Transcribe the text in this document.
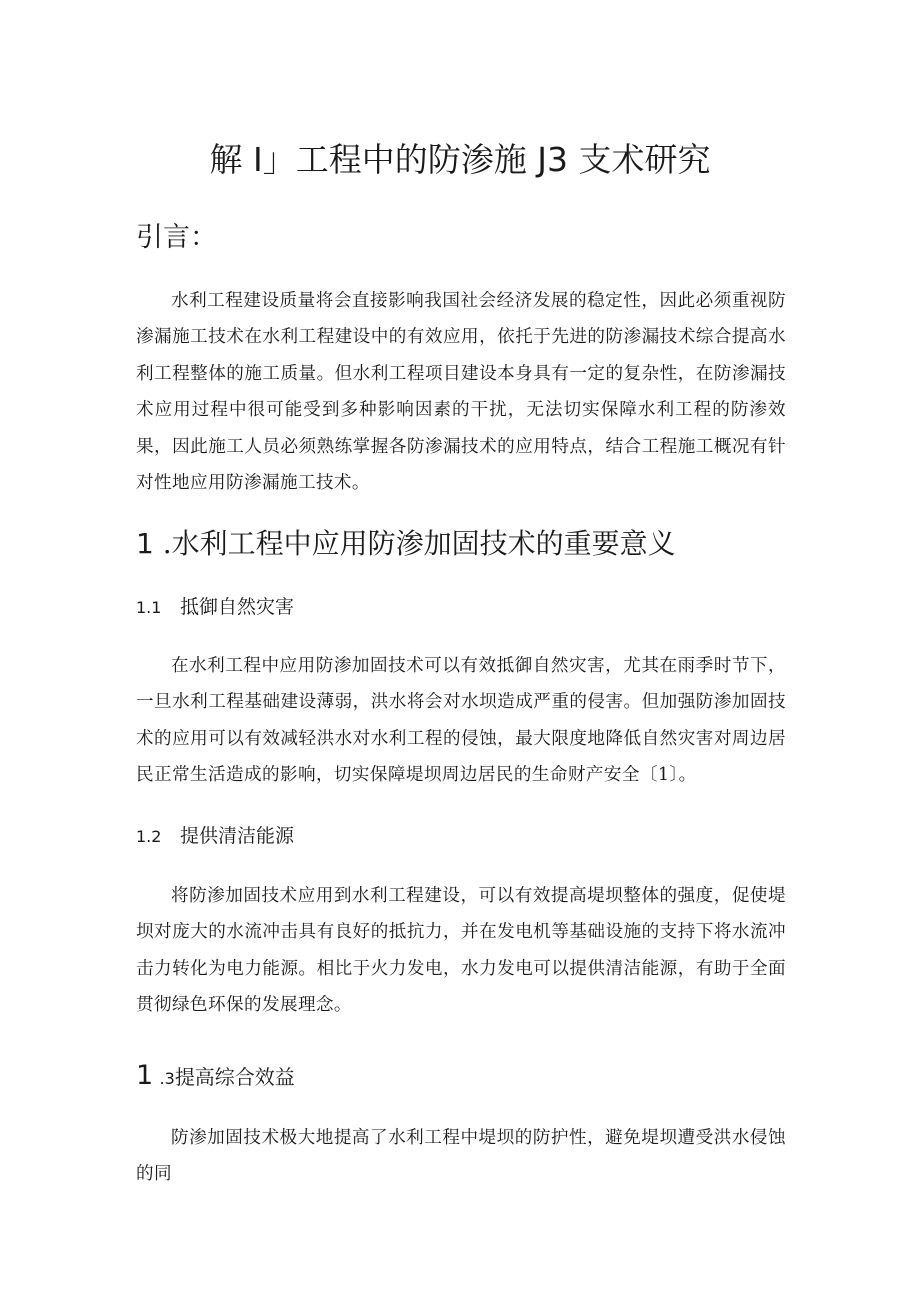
解 I」工程中的防渗施 J3 支术研究
引言：

水利工程建设质量将会直接影响我国社会经济发展的稳定性，因此必须重视防渗漏施工技术在水利工程建设中的有效应用，依托于先进的防渗漏技术综合提高水利工程整体的施工质量。但水利工程项目建设本身具有一定的复杂性，在防渗漏技术应用过程中很可能受到多种影响因素的干扰，无法切实保障水利工程的防渗效果，因此施工人员必须熟练掌握各防渗漏技术的应用特点，结合工程施工概况有针对性地应用防渗漏施工技术。

1 .水利工程中应用防渗加固技术的重要意义
1.1 抵御自然灾害

在水利工程中应用防渗加固技术可以有效抵御自然灾害，尤其在雨季时节下，一旦水利工程基础建设薄弱，洪水将会对水坝造成严重的侵害。但加强防渗加固技术的应用可以有效减轻洪水对水利工程的侵蚀，最大限度地降低自然灾害对周边居民正常生活造成的影响，切实保障堤坝周边居民的生命财产安全〔1〕。

1.2 提供清洁能源

将防渗加固技术应用到水利工程建设，可以有效提高堤坝整体的强度，促使堤坝对庞大的水流冲击具有良好的抵抗力，并在发电机等基础设施的支持下将水流冲击力转化为电力能源。相比于火力发电，水力发电可以提供清洁能源，有助于全面贯彻绿色环保的发展理念。

1 .3提高综合效益

防渗加固技术极大地提高了水利工程中堤坝的防护性，避免堤坝遭受洪水侵蚀的同
